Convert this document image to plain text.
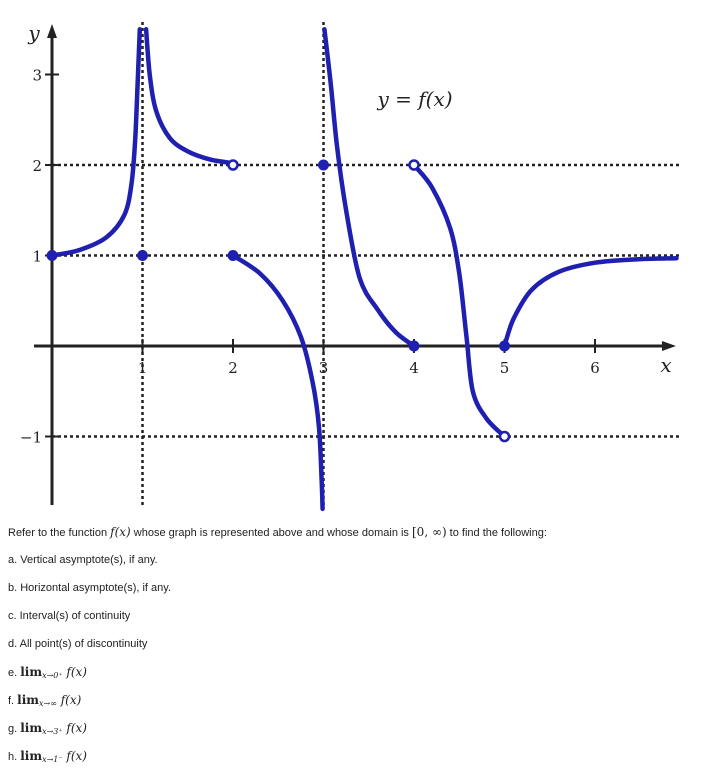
1	2	3	4	5	6
3
2
1
−1
x
y
y = f(x)
Refer to the function f(x) whose graph is represented above and whose domain is [0, ∞) to find the following:
a. Vertical asymptote(s), if any.
b. Horizontal asymptote(s), if any.
c. Interval(s) of continuity
d. All point(s) of discontinuity
e. $\lim_{x\to 0^+} f(x)$
f. $\lim_{x\to\infty} f(x)$
g. $\lim_{x\to 3^+} f(x)$
h. $\lim_{x\to 1^-} f(x)$
